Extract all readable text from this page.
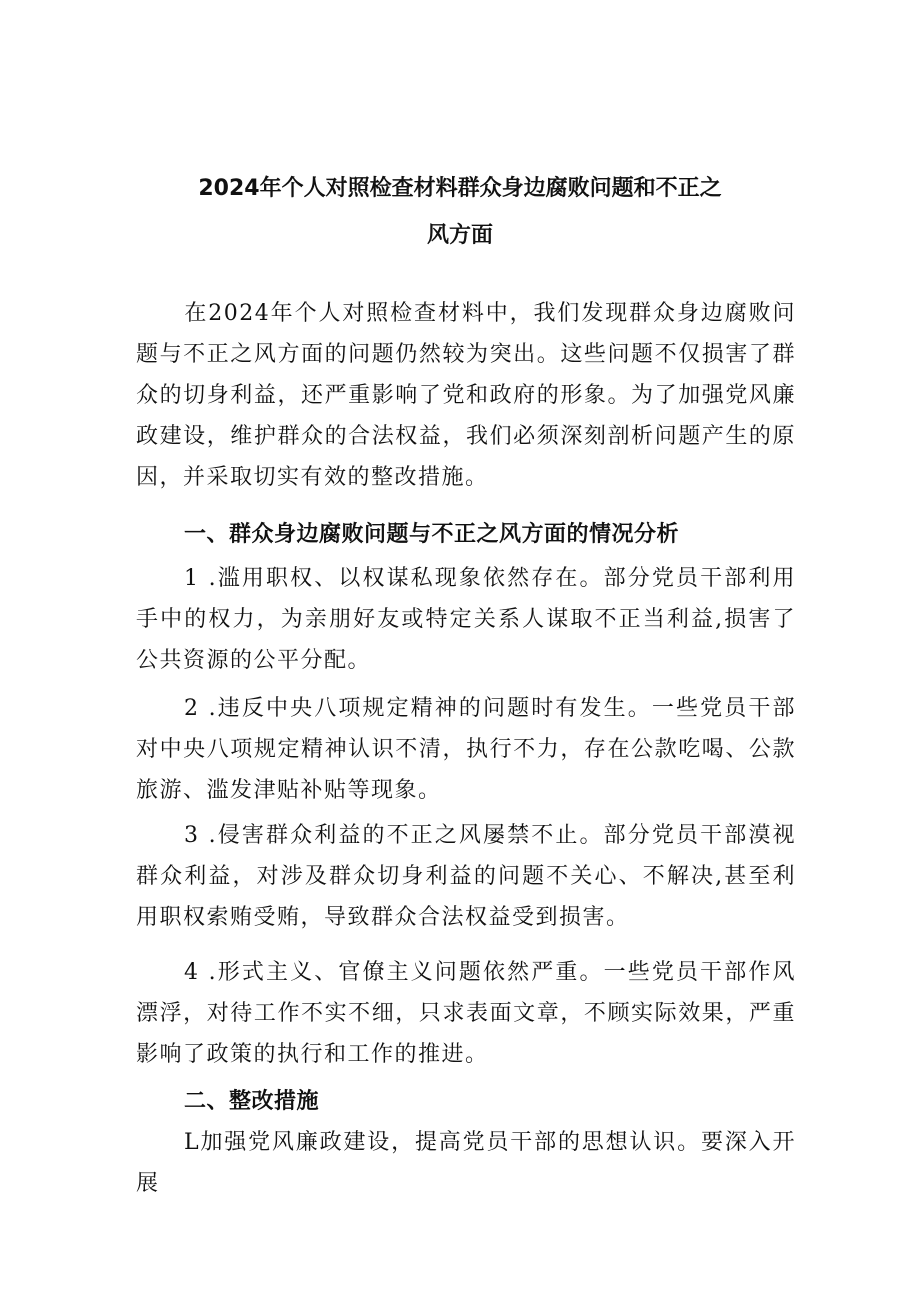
2024年个人对照检查材料群众身边腐败问题和不正之
风方面

在2024年个人对照检查材料中，我们发现群众身边腐败问题与不正之风方面的问题仍然较为突出。这些问题不仅损害了群众的切身利益，还严重影响了党和政府的形象。为了加强党风廉政建设，维护群众的合法权益，我们必须深刻剖析问题产生的原因，并采取切实有效的整改措施。

一、群众身边腐败问题与不正之风方面的情况分析

1 .滥用职权、以权谋私现象依然存在。部分党员干部利用手中的权力，为亲朋好友或特定关系人谋取不正当利益,损害了公共资源的公平分配。

2 .违反中央八项规定精神的问题时有发生。一些党员干部对中央八项规定精神认识不清，执行不力，存在公款吃喝、公款旅游、滥发津贴补贴等现象。

3 .侵害群众利益的不正之风屡禁不止。部分党员干部漠视群众利益，对涉及群众切身利益的问题不关心、不解决,甚至利用职权索贿受贿，导致群众合法权益受到损害。

4 .形式主义、官僚主义问题依然严重。一些党员干部作风漂浮，对待工作不实不细，只求表面文章，不顾实际效果，严重影响了政策的执行和工作的推进。

二、整改措施

L加强党风廉政建设，提高党员干部的思想认识。要深入开展
